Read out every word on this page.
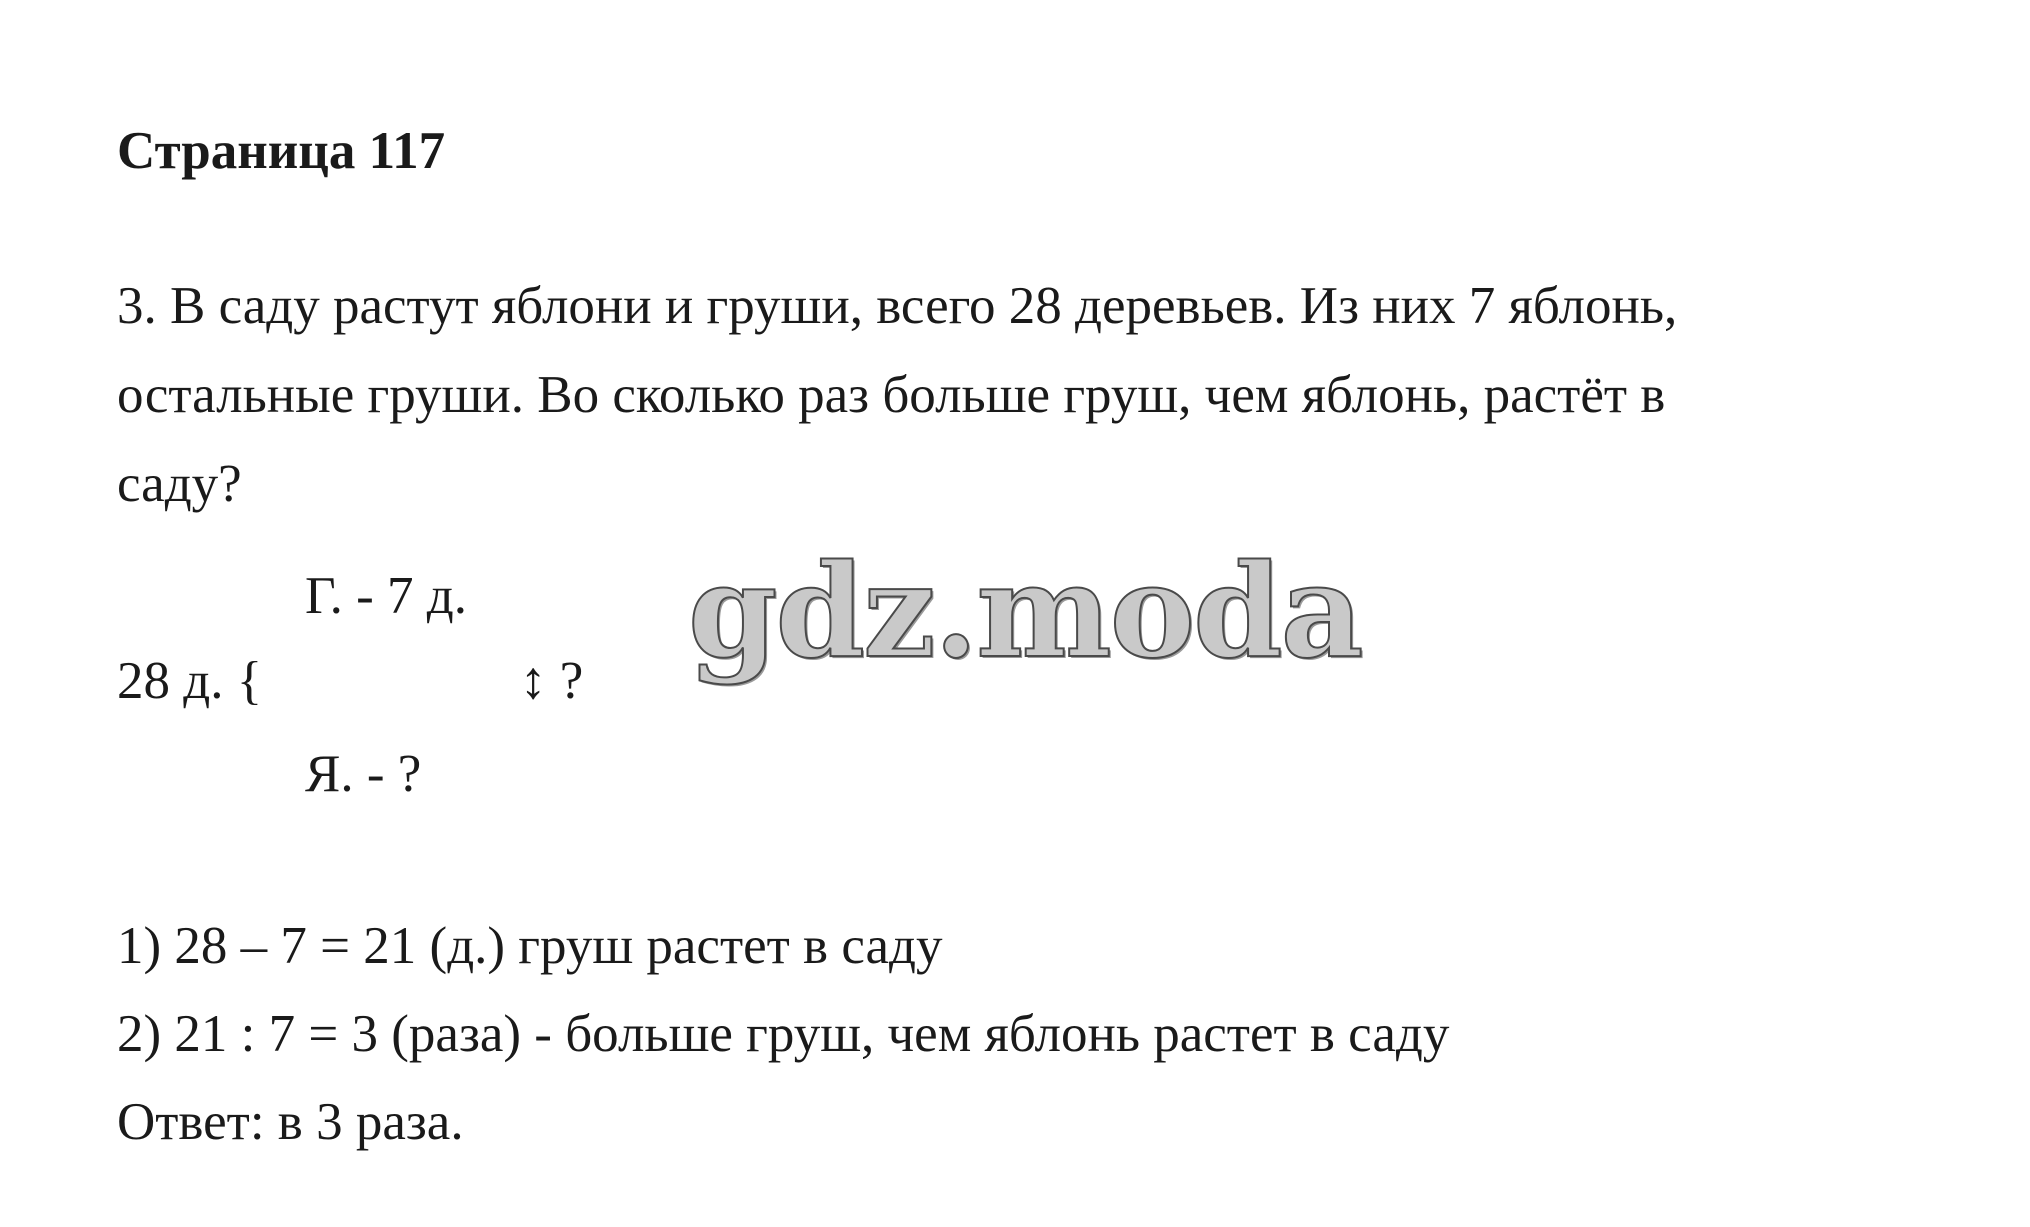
Страница 117
3. В саду растут яблони и груши, всего 28 деревьев. Из них 7 яблонь,
остальные груши. Во сколько раз больше груш, чем яблонь, растёт в
саду?
Г. - 7 д.
28 д. {	↕ ?
Я. - ?
gdz.moda
1) 28 – 7 = 21 (д.) груш растет в саду
2) 21 : 7 = 3 (раза) - больше груш, чем яблонь растет в саду
Ответ: в 3 раза.
